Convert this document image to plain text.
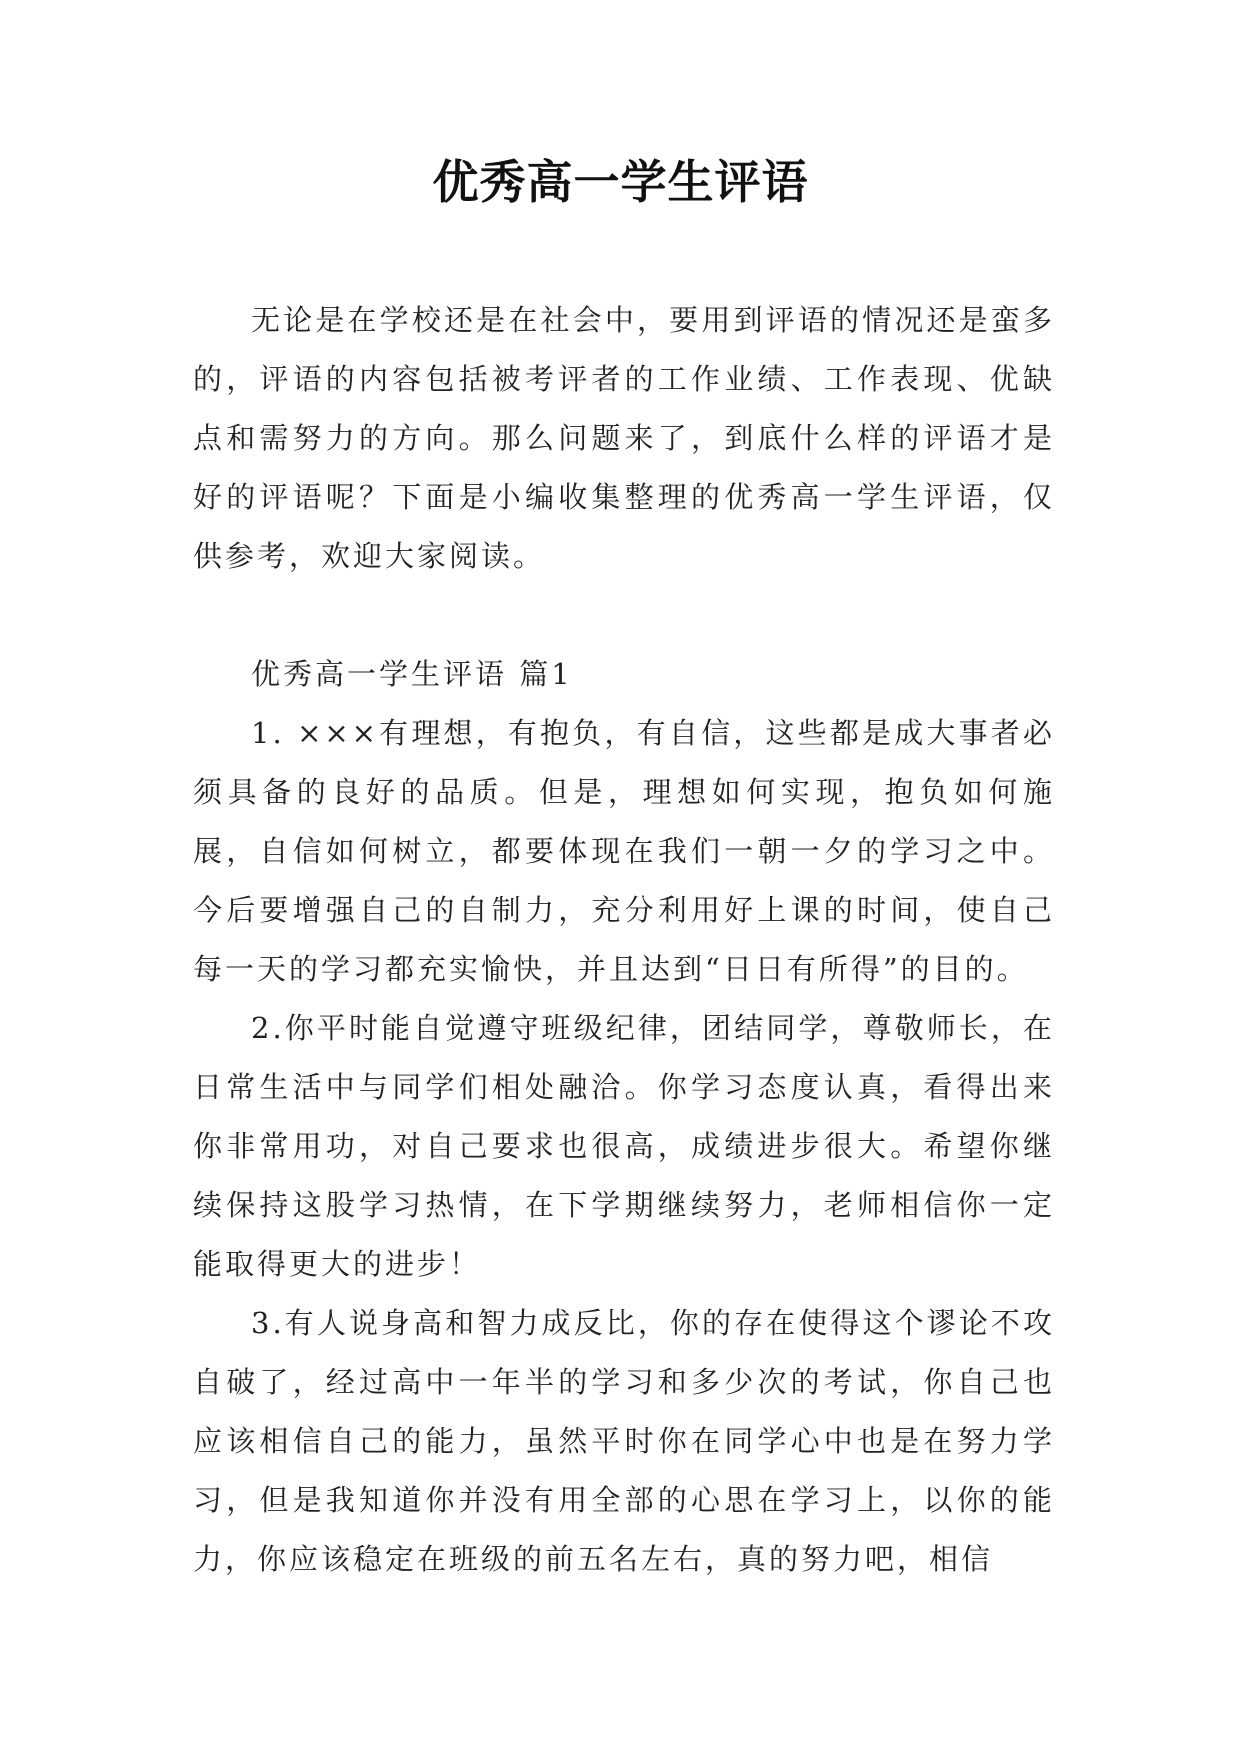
优秀高一学生评语

无论是在学校还是在社会中，要用到评语的情况还是蛮多的，评语的内容包括被考评者的工作业绩、工作表现、优缺点和需努力的方向。那么问题来了，到底什么样的评语才是好的评语呢？下面是小编收集整理的优秀高一学生评语，仅供参考，欢迎大家阅读。

优秀高一学生评语 篇1

1. ×××有理想，有抱负，有自信，这些都是成大事者必须具备的良好的品质。但是，理想如何实现，抱负如何施展，自信如何树立，都要体现在我们一朝一夕的学习之中。今后要增强自己的自制力，充分利用好上课的时间，使自己每一天的学习都充实愉快，并且达到“日日有所得”的目的。

2.你平时能自觉遵守班级纪律，团结同学，尊敬师长，在日常生活中与同学们相处融洽。你学习态度认真，看得出来你非常用功，对自己要求也很高，成绩进步很大。希望你继续保持这股学习热情，在下学期继续努力，老师相信你一定能取得更大的进步！

3.有人说身高和智力成反比，你的存在使得这个谬论不攻自破了，经过高中一年半的学习和多少次的考试，你自己也应该相信自己的能力，虽然平时你在同学心中也是在努力学习，但是我知道你并没有用全部的心思在学习上，以你的能力，你应该稳定在班级的前五名左右，真的努力吧，相信
